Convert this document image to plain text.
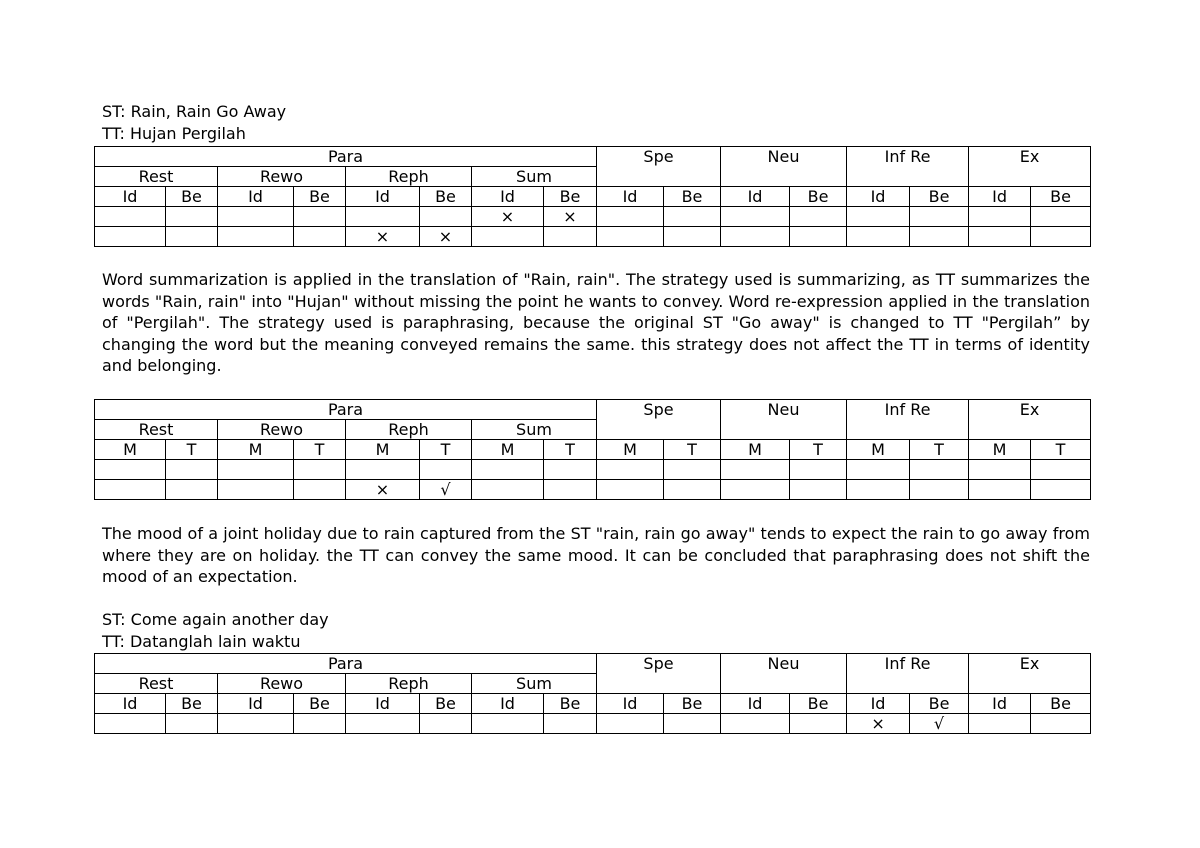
ST: Rain, Rain Go Away
TT: Hujan Pergilah
Para								Spe		Neu		Inf Re		Ex	
Rest		Rewo		Reph		Sum									
Id	Be	Id	Be	Id	Be	Id	Be	Id	Be	Id	Be	Id	Be	Id	Be
						×	×								
				×	×										
Word summarization is applied in the translation of "Rain, rain". The strategy used is summarizing, as TT summarizes the words "Rain, rain" into "Hujan" without missing the point he wants to convey. Word re-expression applied in the translation of "Pergilah". The strategy used is paraphrasing, because the original ST "Go away" is changed to TT "Pergilah” by changing the word but the meaning conveyed remains the same. this strategy does not affect the TT in terms of identity and belonging.
Para								Spe		Neu		Inf Re		Ex	
Rest		Rewo		Reph		Sum									
M	T	M	T	M	T	M	T	M	T	M	T	M	T	M	T

				×	√										
The mood of a joint holiday due to rain captured from the ST "rain, rain go away" tends to expect the rain to go away from where they are on holiday. the TT can convey the same mood. It can be concluded that paraphrasing does not shift the mood of an expectation.
ST: Come again another day
TT: Datanglah lain waktu
Para								Spe		Neu		Inf Re		Ex	
Rest		Rewo		Reph		Sum									
Id	Be	Id	Be	Id	Be	Id	Be	Id	Be	Id	Be	Id	Be	Id	Be
												×	√		
